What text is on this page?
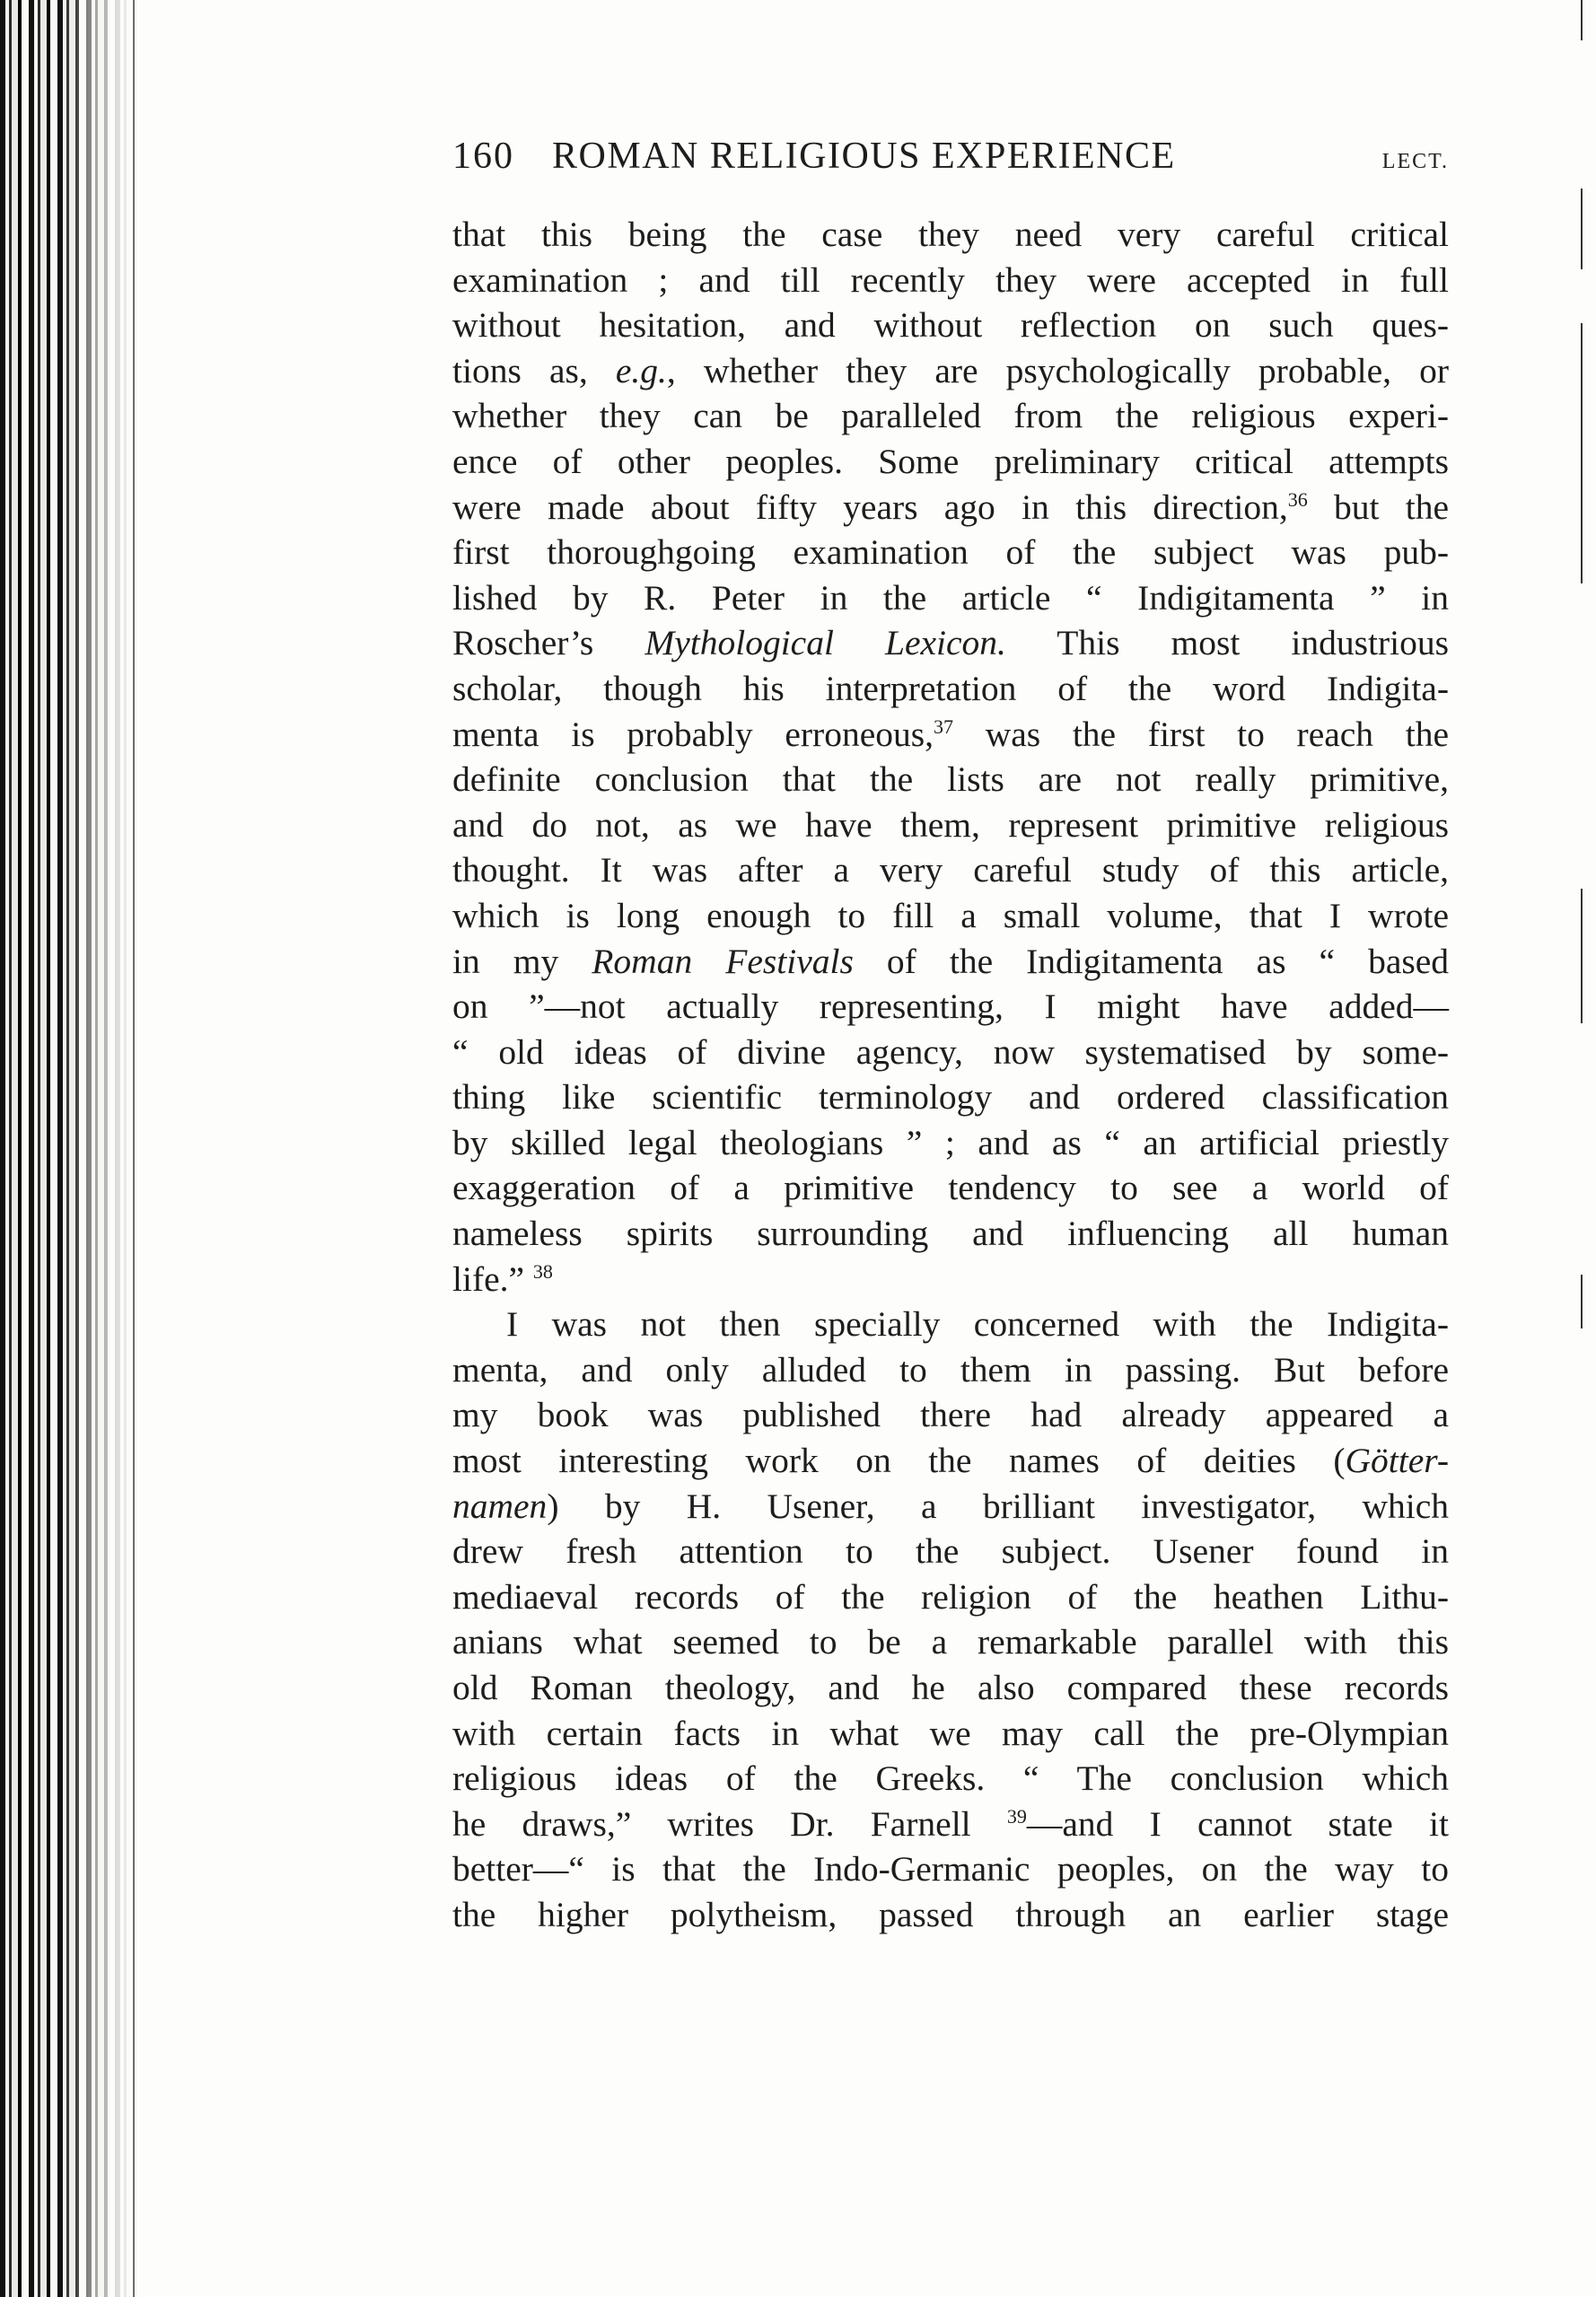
160 ROMAN RELIGIOUS EXPERIENCE	LECT.
that this being the case they need very careful critical
examination ; and till recently they were accepted in full
without hesitation, and without reflection on such ques-
tions as, e.g., whether they are psychologically probable, or
whether they can be paralleled from the religious experi-
ence of other peoples. Some preliminary critical attempts
were made about fifty years ago in this direction,$^{36}$ but the
first thoroughgoing examination of the subject was pub-
lished by R. Peter in the article “ Indigitamenta ” in
Roscher’s Mythological Lexicon. This most industrious
scholar, though his interpretation of the word Indigita-
menta is probably erroneous,$^{37}$ was the first to reach the
definite conclusion that the lists are not really primitive,
and do not, as we have them, represent primitive religious
thought. It was after a very careful study of this article,
which is long enough to fill a small volume, that I wrote
in my Roman Festivals of the Indigitamenta as “ based
on ”—not actually representing, I might have added—
“ old ideas of divine agency, now systematised by some-
thing like scientific terminology and ordered classification
by skilled legal theologians ” ; and as “ an artificial priestly
exaggeration of a primitive tendency to see a world of
nameless spirits surrounding and influencing all human
life.” $^{38}$
I was not then specially concerned with the Indigita-
menta, and only alluded to them in passing. But before
my book was published there had already appeared a
most interesting work on the names of deities (Götter-
namen) by H. Usener, a brilliant investigator, which
drew fresh attention to the subject. Usener found in
mediaeval records of the religion of the heathen Lithu-
anians what seemed to be a remarkable parallel with this
old Roman theology, and he also compared these records
with certain facts in what we may call the pre-Olympian
religious ideas of the Greeks. “ The conclusion which
he draws,” writes Dr. Farnell $^{39}$—and I cannot state it
better—“ is that the Indo-Germanic peoples, on the way to
the higher polytheism, passed through an earlier stage
